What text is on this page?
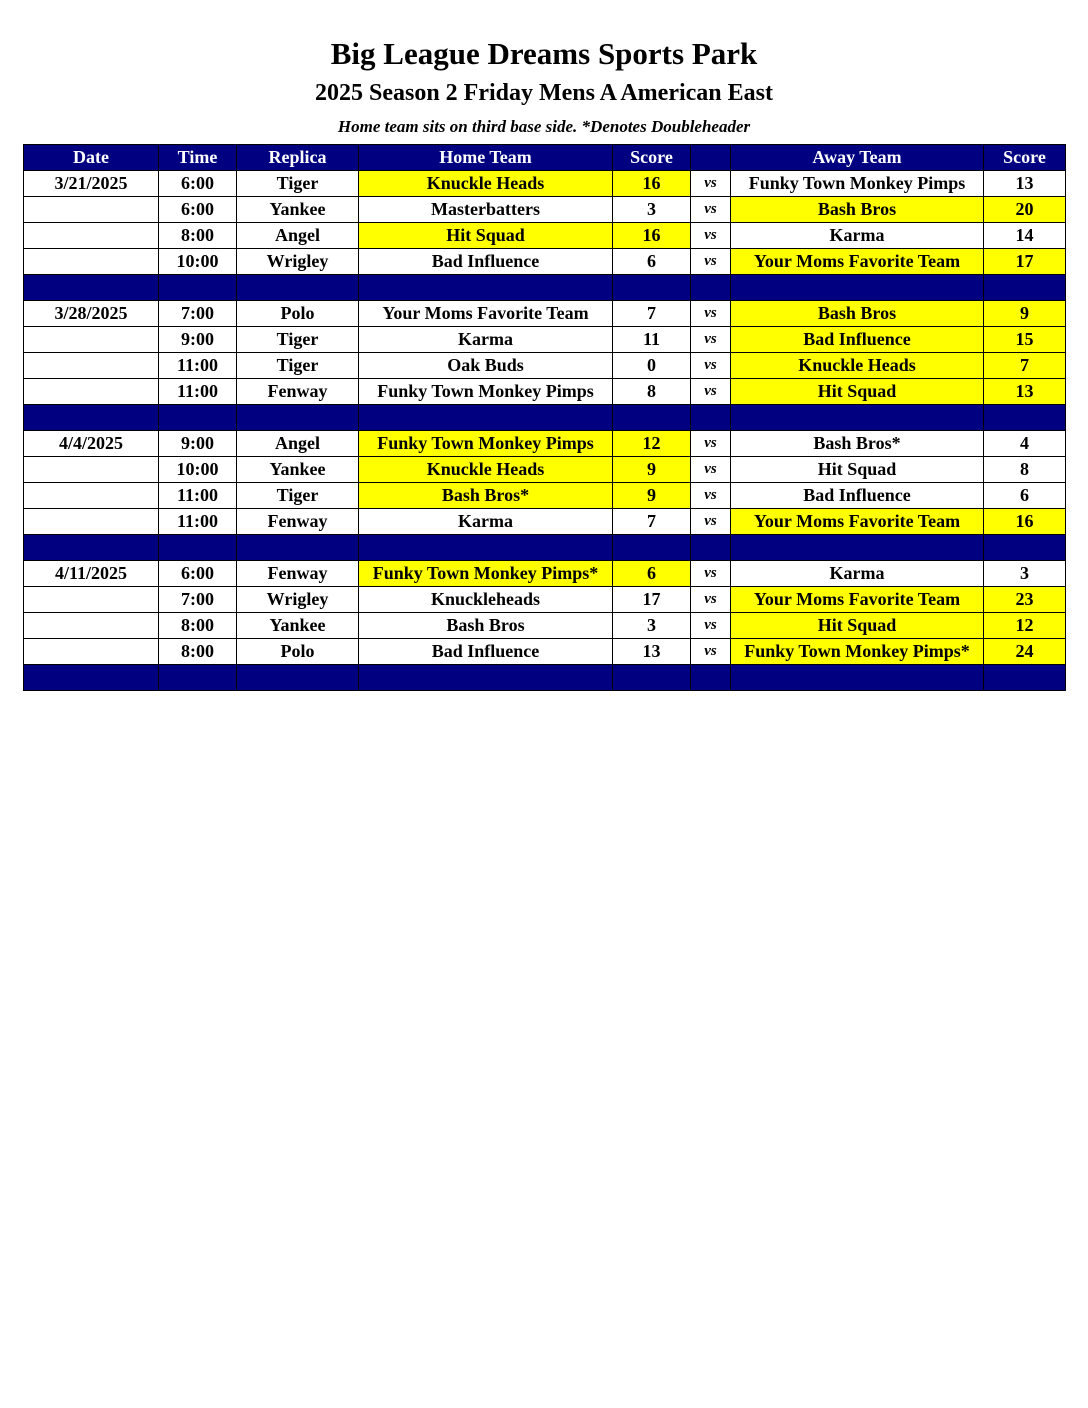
Big League Dreams Sports Park
2025 Season 2 Friday Mens A American East
Home team sits on third base side. *Denotes Doubleheader
Date	Time	Replica	Home Team	Score		Away Team	Score
3/21/2025	6:00	Tiger	Knuckle Heads	16	vs	Funky Town Monkey Pimps	13
	6:00	Yankee	Masterbatters	3	vs	Bash Bros	20
	8:00	Angel	Hit Squad	16	vs	Karma	14
	10:00	Wrigley	Bad Influence	6	vs	Your Moms Favorite Team	17

3/28/2025	7:00	Polo	Your Moms Favorite Team	7	vs	Bash Bros	9
	9:00	Tiger	Karma	11	vs	Bad Influence	15
	11:00	Tiger	Oak Buds	0	vs	Knuckle Heads	7
	11:00	Fenway	Funky Town Monkey Pimps	8	vs	Hit Squad	13

4/4/2025	9:00	Angel	Funky Town Monkey Pimps	12	vs	Bash Bros*	4
	10:00	Yankee	Knuckle Heads	9	vs	Hit Squad	8
	11:00	Tiger	Bash Bros*	9	vs	Bad Influence	6
	11:00	Fenway	Karma	7	vs	Your Moms Favorite Team	16

4/11/2025	6:00	Fenway	Funky Town Monkey Pimps*	6	vs	Karma	3
	7:00	Wrigley	Knuckleheads	17	vs	Your Moms Favorite Team	23
	8:00	Yankee	Bash Bros	3	vs	Hit Squad	12
	8:00	Polo	Bad Influence	13	vs	Funky Town Monkey Pimps*	24
